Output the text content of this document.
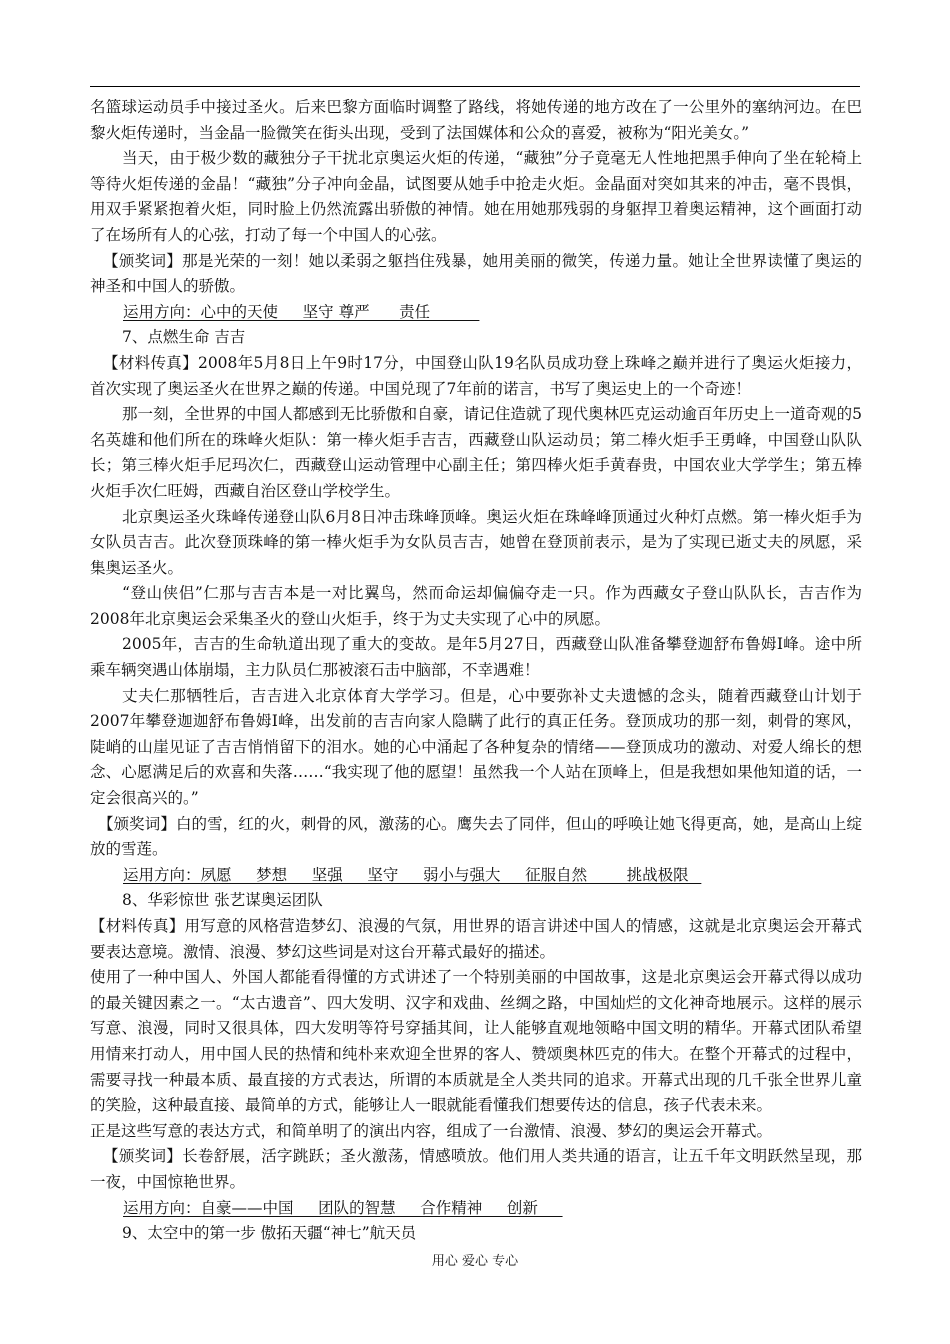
名篮球运动员手中接过圣火。后来巴黎方面临时调整了路线，将她传递的地方改在了一公里外的塞纳河边。在巴黎火炬传递时，当金晶一脸微笑在街头出现，受到了法国媒体和公众的喜爱，被称为“阳光美女。”

当天，由于极少数的藏独分子干扰北京奥运火炬的传递，“藏独”分子竟毫无人性地把黑手伸向了坐在轮椅上等待火炬传递的金晶！“藏独”分子冲向金晶，试图要从她手中抢走火炬。金晶面对突如其来的冲击，毫不畏惧，用双手紧紧抱着火炬，同时脸上仍然流露出骄傲的神情。她在用她那残弱的身躯捍卫着奥运精神，这个画面打动了在场所有人的心弦，打动了每一个中国人的心弦。

【颁奖词】那是光荣的一刻！她以柔弱之躯挡住残暴，她用美丽的微笑，传递力量。她让全世界读懂了奥运的神圣和中国人的骄傲。

运用方向：心中的天使     坚守 尊严      责任

7、点燃生命 吉吉

【材料传真】2008年5月8日上午9时17分，中国登山队19名队员成功登上珠峰之巅并进行了奥运火炬接力，首次实现了奥运圣火在世界之巅的传递。中国兑现了7年前的诺言，书写了奥运史上的一个奇迹！

那一刻，全世界的中国人都感到无比骄傲和自豪，请记住造就了现代奥林匹克运动逾百年历史上一道奇观的5名英雄和他们所在的珠峰火炬队：第一棒火炬手吉吉，西藏登山队运动员；第二棒火炬手王勇峰，中国登山队队长；第三棒火炬手尼玛次仁，西藏登山运动管理中心副主任；第四棒火炬手黄春贵，中国农业大学学生；第五棒火炬手次仁旺姆，西藏自治区登山学校学生。

北京奥运圣火珠峰传递登山队6月8日冲击珠峰顶峰。奥运火炬在珠峰峰顶通过火种灯点燃。第一棒火炬手为女队员吉吉。此次登顶珠峰的第一棒火炬手为女队员吉吉，她曾在登顶前表示，是为了实现已逝丈夫的夙愿，采集奥运圣火。

“登山侠侣”仁那与吉吉本是一对比翼鸟，然而命运却偏偏夺走一只。作为西藏女子登山队队长，吉吉作为2008年北京奥运会采集圣火的登山火炬手，终于为丈夫实现了心中的夙愿。

2005年，吉吉的生命轨道出现了重大的变故。是年5月27日，西藏登山队准备攀登迦舒布鲁姆I峰。途中所乘车辆突遇山体崩塌，主力队员仁那被滚石击中脑部，不幸遇难！

丈夫仁那牺牲后，吉吉进入北京体育大学学习。但是，心中要弥补丈夫遗憾的念头，随着西藏登山计划于2007年攀登迦迦舒布鲁姆I峰，出发前的吉吉向家人隐瞒了此行的真正任务。登顶成功的那一刻，刺骨的寒风，陡峭的山崖见证了吉吉悄悄留下的泪水。她的心中涌起了各种复杂的情绪——登顶成功的激动、对爱人绵长的想念、心愿满足后的欢喜和失落……“我实现了他的愿望！虽然我一个人站在顶峰上，但是我想如果他知道的话，一定会很高兴的。”

【颁奖词】白的雪，红的火，刺骨的风，激荡的心。鹰失去了同伴，但山的呼唤让她飞得更高，她，是高山上绽放的雪莲。

运用方向：夙愿     梦想     坚强     坚守     弱小与强大     征服自然        挑战极限 _

8、华彩惊世 张艺谋奥运团队

【材料传真】用写意的风格营造梦幻、浪漫的气氛，用世界的语言讲述中国人的情感，这就是北京奥运会开幕式要表达意境。激情、浪漫、梦幻这些词是对这台开幕式最好的描述。

使用了一种中国人、外国人都能看得懂的方式讲述了一个特别美丽的中国故事，这是北京奥运会开幕式得以成功的最关键因素之一。“太古遗音”、四大发明、汉字和戏曲、丝绸之路，中国灿烂的文化神奇地展示。这样的展示写意、浪漫，同时又很具体，四大发明等符号穿插其间，让人能够直观地领略中国文明的精华。开幕式团队希望用情来打动人，用中国人民的热情和纯朴来欢迎全世界的客人、赞颂奥林匹克的伟大。在整个开幕式的过程中，需要寻找一种最本质、最直接的方式表达，所谓的本质就是全人类共同的追求。开幕式出现的几千张全世界儿童的笑脸，这种最直接、最简单的方式，能够让人一眼就能看懂我们想要传达的信息，孩子代表未来。

正是这些写意的表达方式，和简单明了的演出内容，组成了一台激情、浪漫、梦幻的奥运会开幕式。

【颁奖词】长卷舒展，活字跳跃；圣火激荡，情感喷放。他们用人类共通的语言，让五千年文明跃然呈现，那一夜，中国惊艳世界。

运用方向：自豪——中国     团队的智慧     合作精神     创新

9、太空中的第一步 傲拓天疆“神七”航天员

用心 爱心 专心
